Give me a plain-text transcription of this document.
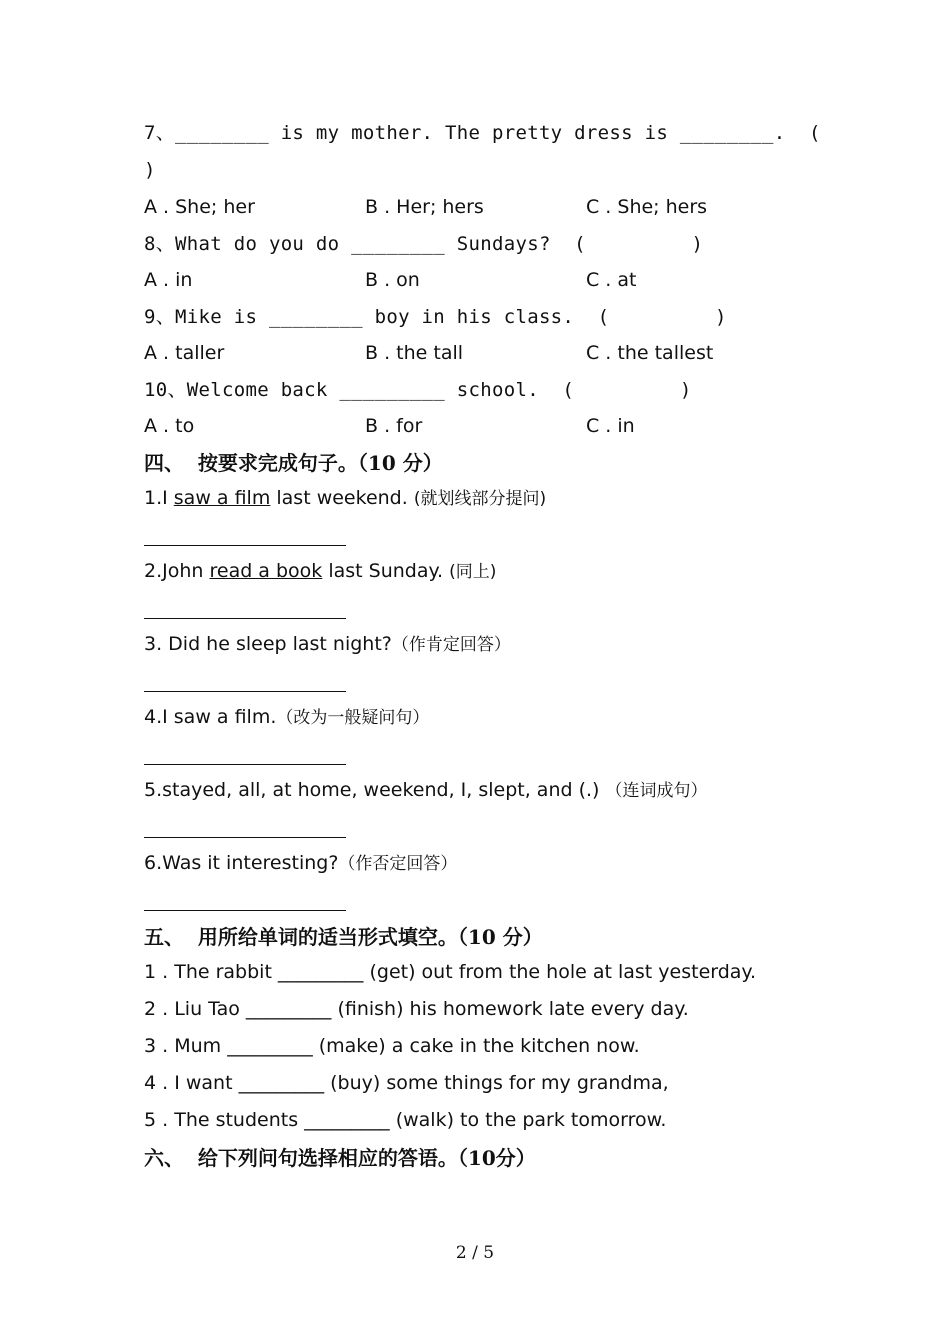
7、________ is my mother. The pretty dress is ________.  (
)
A . She; her	B . Her; hers	C . She; hers
8、What do you do ________ Sundays?  (         )
A . in	B . on	C . at
9、Mike is ________ boy in his class.  (         )
A . taller	B . the tall	C . the tallest
10、Welcome back _________ school.  (         )
A . to	B . for	C . in
四、  按要求完成句子。（10 分）
1.I saw a film last weekend. (就划线部分提问)
2.John read a book last Sunday. (同上)
3. Did he sleep last night?（作肯定回答）
4.I saw a film.（改为一般疑问句）
5.stayed, all, at home, weekend, I, slept, and (.) （连词成句）
6.Was it interesting?（作否定回答）
五、  用所给单词的适当形式填空。（10 分）
1 . The rabbit _________ (get) out from the hole at last yesterday.
2 . Liu Tao _________ (finish) his homework late every day.
3 . Mum _________ (make) a cake in the kitchen now.
4 . I want _________ (buy) some things for my grandma,
5 . The students _________ (walk) to the park tomorrow.
六、  给下列问句选择相应的答语。（10分）
2 / 5
